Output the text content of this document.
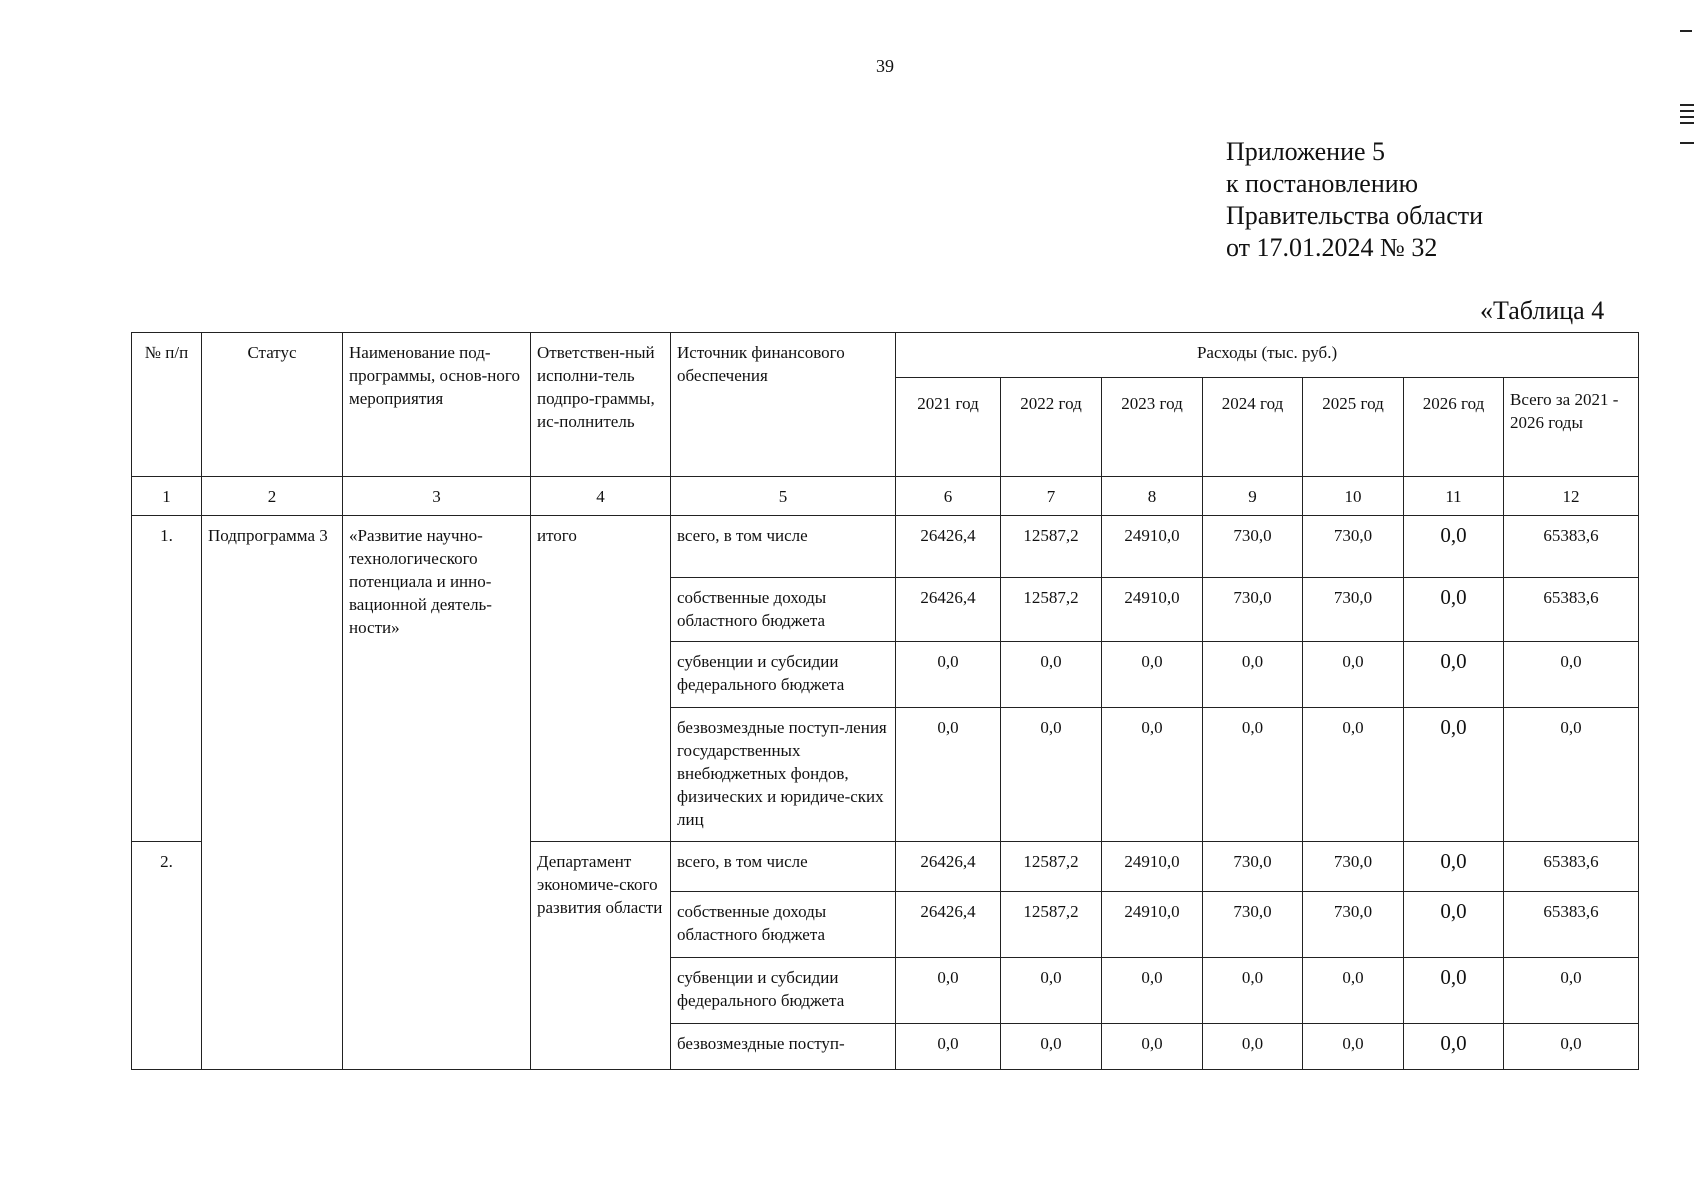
39
Приложение 5
к постановлению
Правительства области
от 17.01.2024 № 32
«Таблица 4
№ п/п	Статус	Наименование под-программы, основ-ного мероприятия	Ответствен-ный исполни-тель подпро-граммы, ис-полнитель	Источник финансового обеспечения	Расходы (тыс. руб.)						
					2021 год	2022 год	2023 год	2024 год	2025 год	2026 год	Всего за 2021 - 2026 годы
1	2	3	4	5	6	7	8	9	10	11	12
1.	Подпрограмма 3	«Развитие научно-технологического потенциала и инно-вационной деятель-ности»	итого	всего, в том числе	26426,4	12587,2	24910,0	730,0	730,0	0,0	65383,6
				собственные доходы областного бюджета	26426,4	12587,2	24910,0	730,0	730,0	0,0	65383,6
				субвенции и субсидии федерального бюджета	0,0	0,0	0,0	0,0	0,0	0,0	0,0
				безвозмездные поступ-ления государственных внебюджетных фондов, физических и юридиче-ских лиц	0,0	0,0	0,0	0,0	0,0	0,0	0,0
2.			Департамент экономиче-ского развития области	всего, в том числе	26426,4	12587,2	24910,0	730,0	730,0	0,0	65383,6
				собственные доходы областного бюджета	26426,4	12587,2	24910,0	730,0	730,0	0,0	65383,6
				субвенции и субсидии федерального бюджета	0,0	0,0	0,0	0,0	0,0	0,0	0,0
				безвозмездные поступ-	0,0	0,0	0,0	0,0	0,0	0,0	0,0
